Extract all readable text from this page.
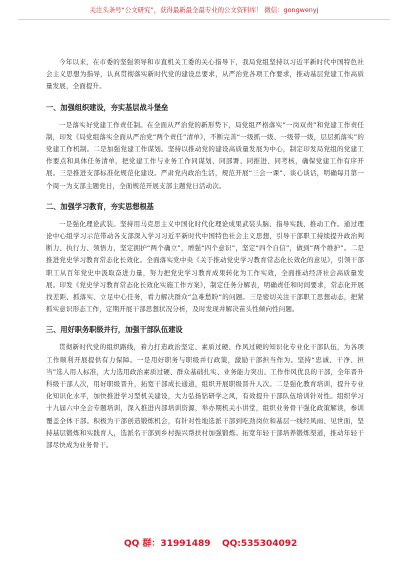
关注头条号“公文研究”，获得最新最全最专业的公文资料库！ 微信：gongwenyj

今年以来，在市委的坚强领导和市直机关工委的关心指导下，我局党组坚持以习近平新时代中国特色社会主义思想为指导，认真贯彻落实新时代党的建设总要求，从严治党各项工作要求，推动基层党建工作高质量发展，全面提升。

一、加强组织建设，夯实基层战斗堡垒

一是落实好党建工作责任制。在全面从严治党的新形势下，局党组严格落实“一岗双责”和党建工作责任制，印发《局党组落实全面从严治党“两个责任”清单》，不断完善“一级抓一级、一级带一级，层层抓落实”的党建工作机制。二是加强党建工作谋划。坚持以推动党的建设高质量发展为中心，制定印发局党组的党建工作要点和具体任务清单，把党建工作与业务工作同谋划、同部署、同推进、同考核，确保党建工作有序开展。三是推进支部标准化规范化建设。严肃党内政治生活，规范开展“三会一课”、谈心谈话，明确每月第一个周一为支部主题党日，全面规范开展支部主题党日活动次。

二、加强学习教育，夯实思想根基

一是强化理论武装。坚持用马克思主义中国化时代化理论成果武装头脑、指导实践、推动工作。通过理论中心组学习示范带动各支部深入学习习近平新时代中国特色社会主义思想，引导干部职工持续提升政治判断力、执行力、领悟力，坚定拥护“两个确立”，增强“四个意识”，坚定“四个自信”，做到“两个维护”。二是推进党史学习教育常态化长效化。全面落实党中央《关于推动党史学习教育常态化长效化的意见》，引领干部职工从百年党史中汲取奋进力量，努力把党史学习教育成果转化为工作实效，全面推动经济社会高质量发展。印发《党史学习教育常态化长效化实施工作方案》，制定任务分解表，明确责任和时间要求，常态化开展找差距、抓落实、立足中心任务，看力解决群众“急难愁盼”的问题。三是密切关注干部职工思想动态，把紧抓实意识形态工作，定期开展干部思想状况分析，及时发现并解决苗头性倾向性问题。

三、用好职务职级并行，加强干部队伍建设

贯彻新时代党的组织路线，着力打造政治坚定、素质过硬、作风过硬的知识化专业化干部队伍，为各项工作顺利开展提供有力保障。一是用好职务与职级并行政策，激励干部担当作为。坚持“忠诚、干净、担当”选人用人标准，大力选用政治素质过硬、群众基础扎实、业务能力突出、工作作风优良的干部，全年晋升科级干部人次，用好职级晋升，拓宽干部成长通道，组织开展职级晋升人次。二是强化教育培训，提升专业化知识化水平，加快推进学习型机关建设，大力弘扬钻研学之风，有效提升干部队伍培训针对性。组织学习十九届六中全会专题培训，深入推进内部培训资源，举办期机关小讲堂，组织业务骨干强化政策解读，参训覆盖全体干部。积极为干部创造锻炼机会，有针对性地选派干部到吃劲岗位和基层一线经风雨、见世面，坚持基层锻炼和实践育人，选派名干部到乡村振兴帮扶村加强锻炼。拓宽年轻干部培养锻炼渠道，推动年轻干部尽快成为业务骨干。

QQ 群：31991489 QQ:535304092
